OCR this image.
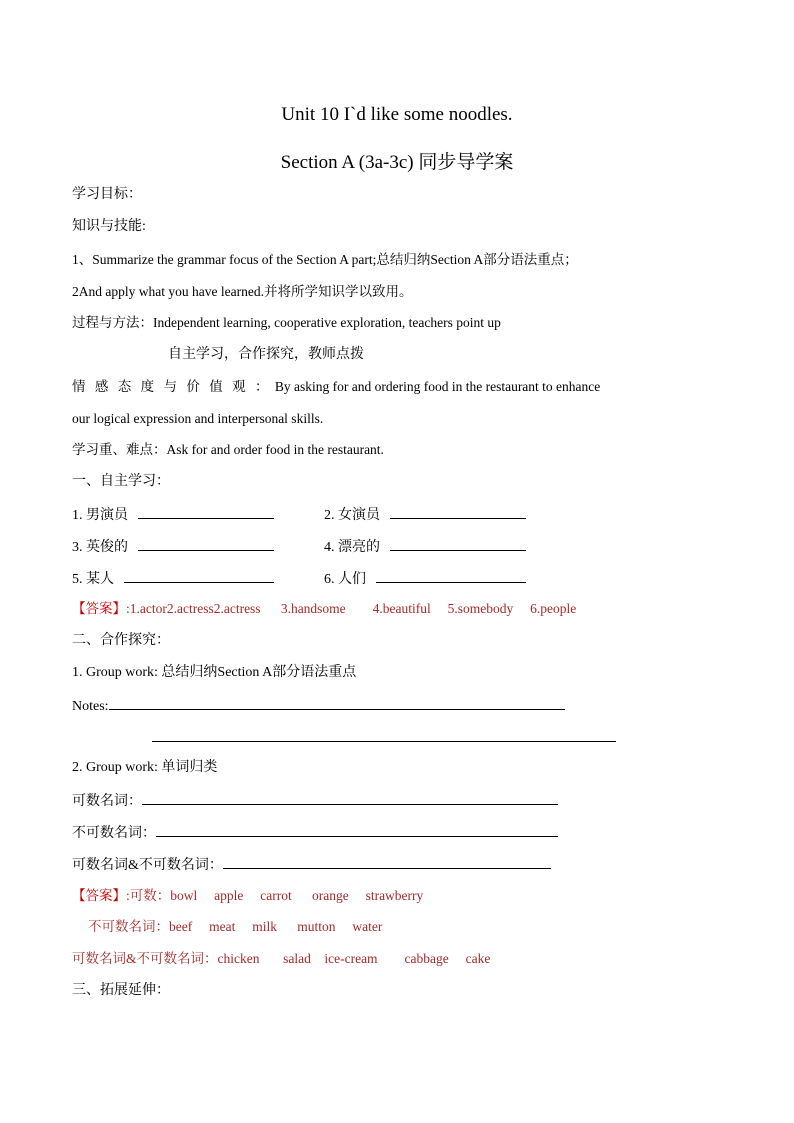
Unit 10 I`d like some noodles.
Section A (3a-3c) 同步导学案
学习目标：
知识与技能:
1、Summarize the grammar focus of the Section A part;总结归纳Section A部分语法重点；
2And apply what you have learned.并将所学知识学以致用。
过程与方法：Independent learning, cooperative exploration, teachers point up
自主学习，合作探究，教师点拨
情 感 态 度 与 价 值 观 ： By asking for and ordering food in the restaurant to enhance
our logical expression and interpersonal skills.
学习重、难点：Ask for and order food in the restaurant.
一、自主学习：
1. 男演员	2. 女演员
3. 英俊的	4. 漂亮的
5. 某人	6. 人们
【答案】:1.actor2.actress2.actress      3.handsome        4.beautiful     5.somebody     6.people
二、合作探究：
1. Group work: 总结归纳Section A部分语法重点
Notes:
2. Group work: 单词归类
可数名词：
不可数名词：
可数名词&不可数名词：
【答案】:可数：bowl     apple     carrot      orange     strawberry
不可数名词：beef     meat     milk      mutton     water
可数名词&不可数名词：chicken       salad    ice-cream        cabbage     cake
三、拓展延伸：
